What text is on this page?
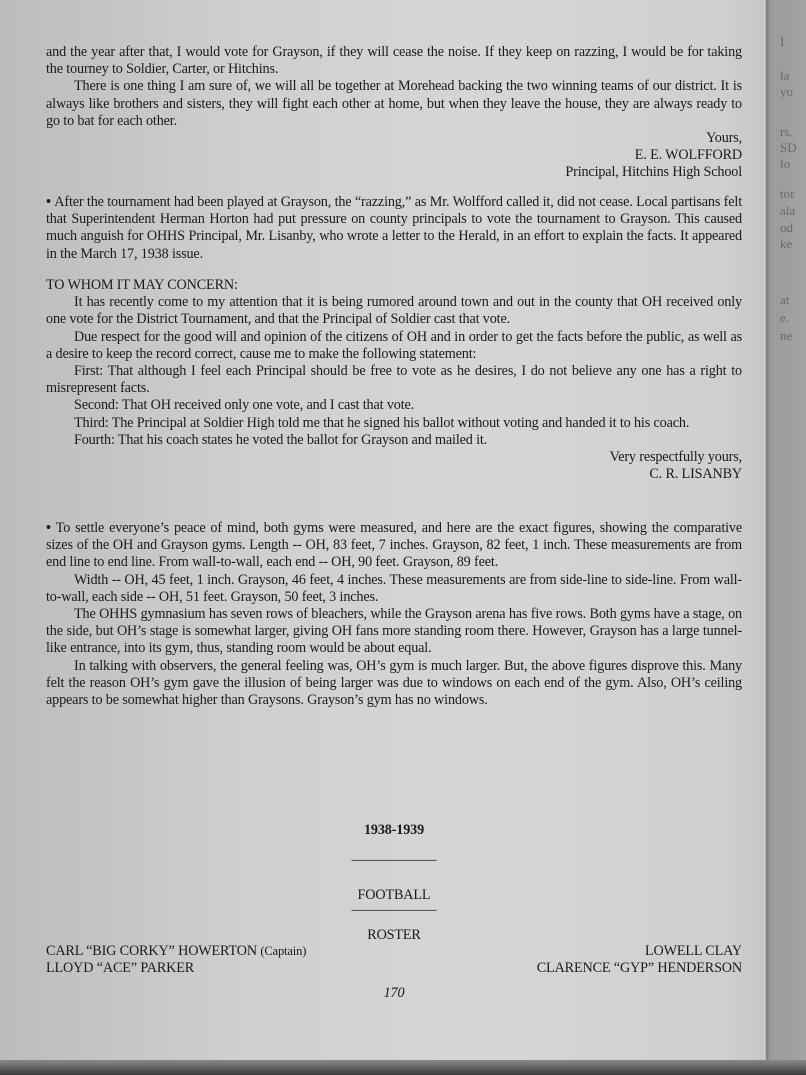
and the year after that, I would vote for Grayson, if they will cease the noise. If they keep on razzing, I would be for taking the tourney to Soldier, Carter, or Hitchins.

There is one thing I am sure of, we will all be together at Morehead backing the two winning teams of our district. It is always like brothers and sisters, they will fight each other at home, but when they leave the house, they are always ready to go to bat for each other.

Yours,

E. E. WOLFFORD

Principal, Hitchins High School

• After the tournament had been played at Grayson, the “razzing,” as Mr. Wolfford called it, did not cease. Local partisans felt that Superintendent Herman Horton had put pressure on county principals to vote the tournament to Grayson. This caused much anguish for OHHS Principal, Mr. Lisanby, who wrote a letter to the Herald, in an effort to explain the facts. It appeared in the March 17, 1938 issue.

TO WHOM IT MAY CONCERN:

It has recently come to my attention that it is being rumored around town and out in the county that OH received only one vote for the District Tournament, and that the Principal of Soldier cast that vote.

Due respect for the good will and opinion of the citizens of OH and in order to get the facts before the public, as well as a desire to keep the record correct, cause me to make the following statement:

First: That although I feel each Principal should be free to vote as he desires, I do not believe any one has a right to misrepresent facts.

Second: That OH received only one vote, and I cast that vote.

Third: The Principal at Soldier High told me that he signed his ballot without voting and handed it to his coach.

Fourth: That his coach states he voted the ballot for Grayson and mailed it.

Very respectfully yours,

C. R. LISANBY

• To settle everyone’s peace of mind, both gyms were measured, and here are the exact figures, showing the comparative sizes of the OH and Grayson gyms. Length -- OH, 83 feet, 7 inches. Grayson, 82 feet, 1 inch. These measurements are from end line to end line. From wall-to-wall, each end -- OH, 90 feet. Grayson, 89 feet.

Width -- OH, 45 feet, 1 inch. Grayson, 46 feet, 4 inches. These measurements are from side-line to side-line. From wall-to-wall, each side -- OH, 51 feet. Grayson, 50 feet, 3 inches.

The OHHS gymnasium has seven rows of bleachers, while the Grayson arena has five rows. Both gyms have a stage, on the side, but OH’s stage is somewhat larger, giving OH fans more standing room there. However, Grayson has a large tunnel-like entrance, into its gym, thus, standing room would be about equal.

In talking with observers, the general feeling was, OH’s gym is much larger. But, the above figures disprove this. Many felt the reason OH’s gym gave the illusion of being larger was due to windows on each end of the gym. Also, OH’s ceiling appears to be somewhat higher than Graysons. Grayson’s gym has no windows.

1938-1939
——————
FOOTBALL
——————
ROSTER
CARL “BIG CORKY” HOWERTON (Captain)	LOWELL CLAY
LLOYD “ACE” PARKER	CLARENCE “GYP” HENDERSON
170
I
la
yo
rs.
SD
lo
tor
ala
od
ke
at
e.
ne
